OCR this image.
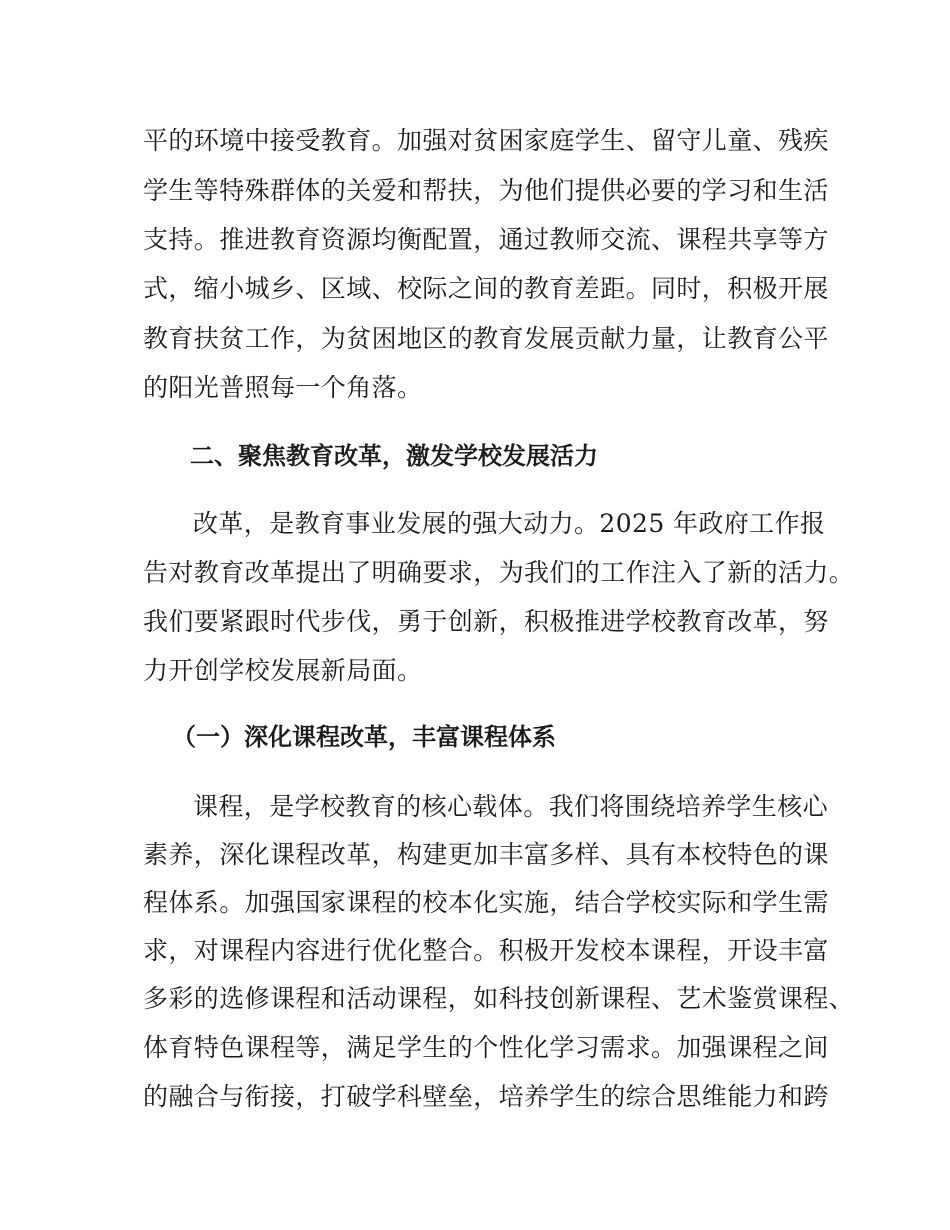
平的环境中接受教育。加强对贫困家庭学生、留守儿童、残疾
学生等特殊群体的关爱和帮扶，为他们提供必要的学习和生活
支持。推进教育资源均衡配置，通过教师交流、课程共享等方
式，缩小城乡、区域、校际之间的教育差距。同时，积极开展
教育扶贫工作，为贫困地区的教育发展贡献力量，让教育公平
的阳光普照每一个角落。
二、聚焦教育改革，激发学校发展活力
改革，是教育事业发展的强大动力。2025 年政府工作报
告对教育改革提出了明确要求，为我们的工作注入了新的活力。
我们要紧跟时代步伐，勇于创新，积极推进学校教育改革，努
力开创学校发展新局面。
（一）深化课程改革，丰富课程体系
课程，是学校教育的核心载体。我们将围绕培养学生核心
素养，深化课程改革，构建更加丰富多样、具有本校特色的课
程体系。加强国家课程的校本化实施，结合学校实际和学生需
求，对课程内容进行优化整合。积极开发校本课程，开设丰富
多彩的选修课程和活动课程，如科技创新课程、艺术鉴赏课程、
体育特色课程等，满足学生的个性化学习需求。加强课程之间
的融合与衔接，打破学科壁垒，培养学生的综合思维能力和跨
